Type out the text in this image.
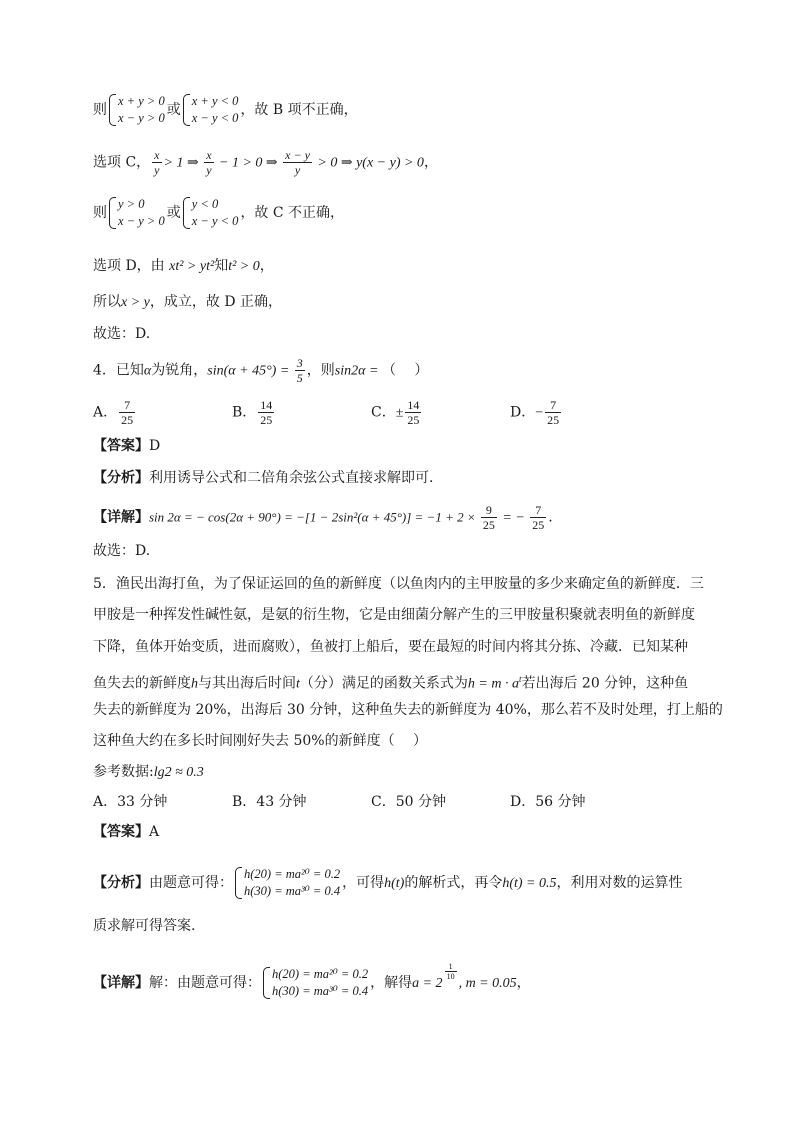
则
x + y > 0
x − y > 0 或
x + y < 0
x − y < 0 ，故 B 项不正确，
选项 C， $\frac{x}{y} > 1$ ⇒ $\frac{x}{y} - 1 > 0$ ⇒ $\frac{x - y}{y} > 0$ ⇒ y(x − y) > 0，
则
y > 0
x − y > 0 或
y < 0
x − y < 0 ，故 C 不正确，
选项 D，由 xt² > yt²知t² > 0，
所以x > y，成立，故 D 正确，
故选：D.
4．已知α为锐角，$\sin(\alpha + 45^\circ) = \frac{3}{5}$ ，则sin2α = （　 ）
A． $\frac{7}{25}$	B． $\frac{14}{25}$	C．± $\frac{14}{25}$	D．− $\frac{7}{25}$
【答案】D
【分析】利用诱导公式和二倍角余弦公式直接求解即可.
【详解】sin 2α = − $\cos(2\alpha + 90^\circ) = -[1 - 2\sin^2(\alpha + 45^\circ)] = -1 + 2 \times \frac{9}{25}$ = − $\frac{7}{25}$ .
故选：D.
5．渔民出海打鱼，为了保证运回的鱼的新鲜度（以鱼肉内的主甲胺量的多少来确定鱼的新鲜度．三
甲胺是一种挥发性碱性氨，是氨的衍生物，它是由细菌分解产生的三甲胺量积聚就表明鱼的新鲜度
下降，鱼体开始变质，进而腐败），鱼被打上船后，要在最短的时间内将其分拣、冷藏．已知某种
鱼失去的新鲜度h与其出海后时间t（分）满足的函数关系式为$h = m \cdot a^t$若出海后 20 分钟，这种鱼
失去的新鲜度为 20%，出海后 30 分钟，这种鱼失去的新鲜度为 40%，那么若不及时处理，打上船的
这种鱼大约在多长时间刚好失去 50%的新鲜度（　 ）
参考数据:lg2 ≈ 0.3
A．33 分钟	B．43 分钟	C．50 分钟	D．56 分钟
【答案】A
【分析】由题意可得：
h(20) = ma²⁰ = 0.2
h(30) = ma³⁰ = 0.4 ，可得h(t)的解析式，再令h(t) = 0.5，利用对数的运算性
质求解可得答案.
【详解】解：由题意可得：
h(20) = ma²⁰ = 0.2
h(30) = ma³⁰ = 0.4 ，解得a = 2
$^{\frac{1}{10}}$
, m = 0.05，
